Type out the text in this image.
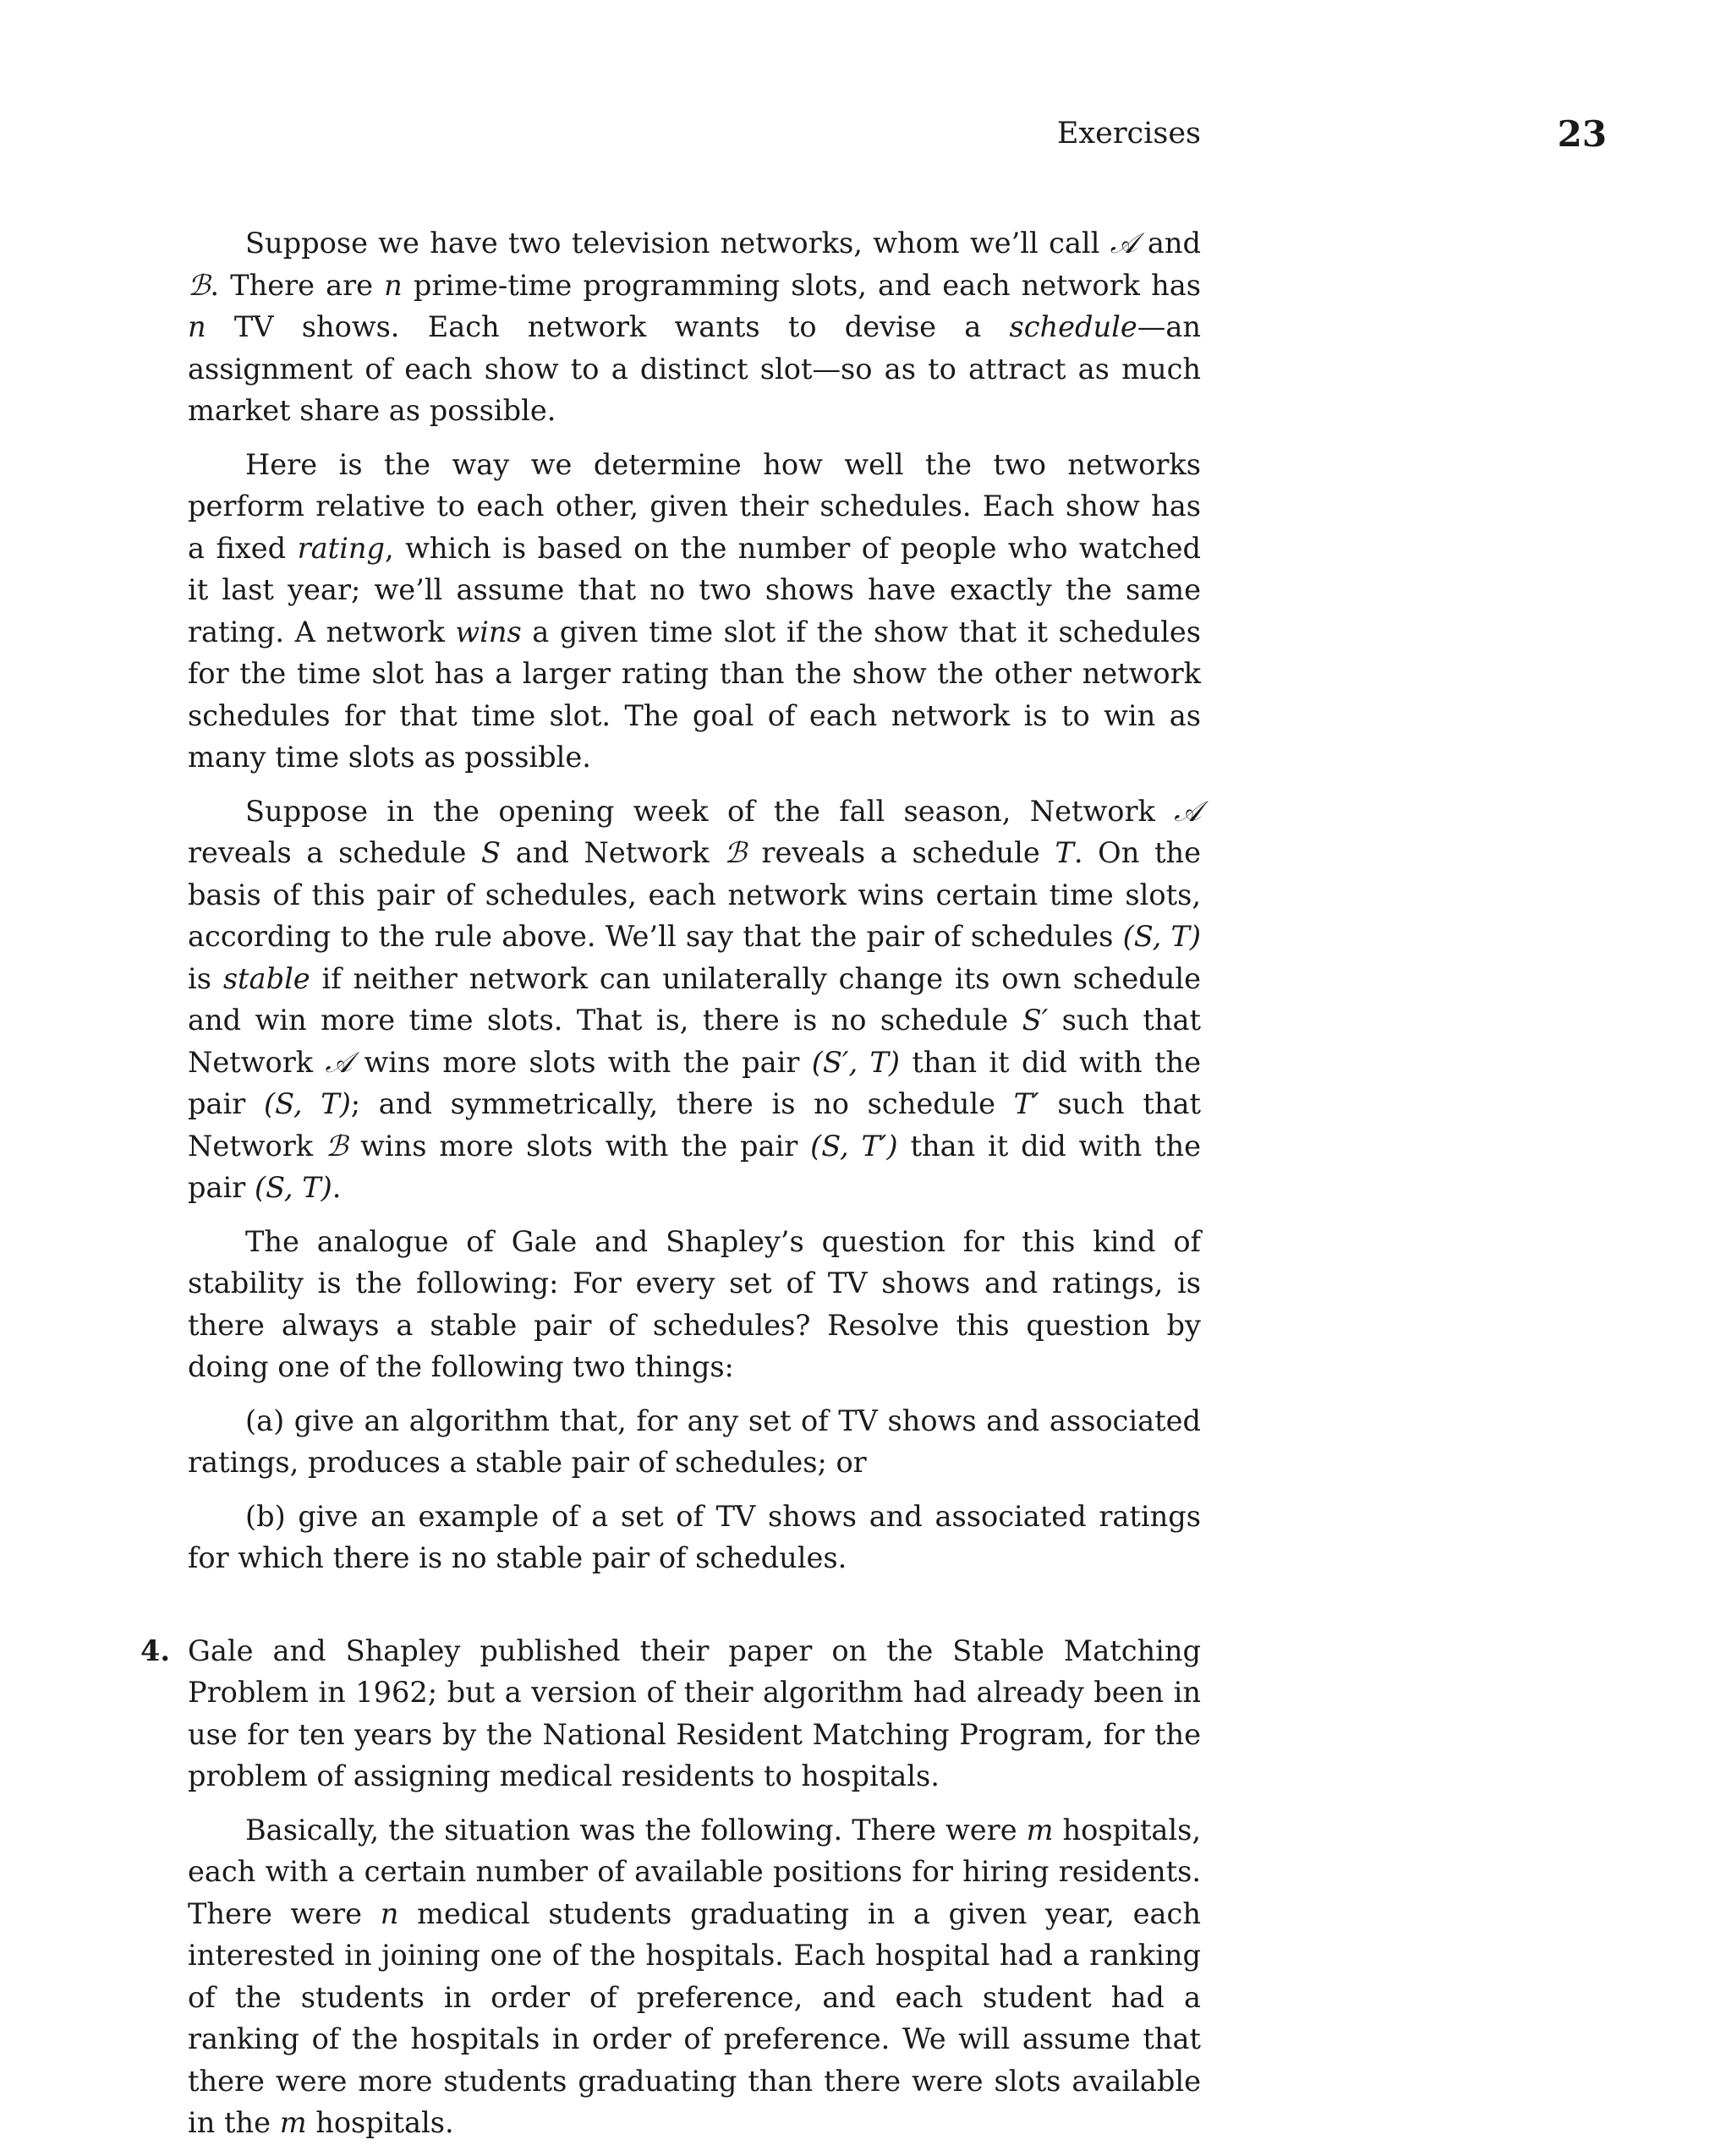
Exercises	23

Suppose we have two television networks, whom we’ll call 𝒜 and ℬ. There are n prime-time programming slots, and each network has n TV shows. Each network wants to devise a schedule—an assignment of each show to a distinct slot—so as to attract as much market share as possible.

Here is the way we determine how well the two networks perform relative to each other, given their schedules. Each show has a fixed rating, which is based on the number of people who watched it last year; we’ll assume that no two shows have exactly the same rating. A network wins a given time slot if the show that it schedules for the time slot has a larger rating than the show the other network schedules for that time slot. The goal of each network is to win as many time slots as possible.

Suppose in the opening week of the fall season, Network 𝒜 reveals a schedule S and Network ℬ reveals a schedule T. On the basis of this pair of schedules, each network wins certain time slots, according to the rule above. We’ll say that the pair of schedules (S, T) is stable if neither network can unilaterally change its own schedule and win more time slots. That is, there is no schedule S′ such that Network 𝒜 wins more slots with the pair (S′, T) than it did with the pair (S, T); and symmetrically, there is no schedule T′ such that Network ℬ wins more slots with the pair (S, T′) than it did with the pair (S, T).

The analogue of Gale and Shapley’s question for this kind of stability is the following: For every set of TV shows and ratings, is there always a stable pair of schedules? Resolve this question by doing one of the following two things:

(a) give an algorithm that, for any set of TV shows and associated ratings, produces a stable pair of schedules; or

(b) give an example of a set of TV shows and associated ratings for which there is no stable pair of schedules.

4. Gale and Shapley published their paper on the Stable Matching Problem in 1962; but a version of their algorithm had already been in use for ten years by the National Resident Matching Program, for the problem of assigning medical residents to hospitals.

Basically, the situation was the following. There were m hospitals, each with a certain number of available positions for hiring residents. There were n medical students graduating in a given year, each interested in joining one of the hospitals. Each hospital had a ranking of the students in order of preference, and each student had a ranking of the hospitals in order of preference. We will assume that there were more students graduating than there were slots available in the m hospitals.
